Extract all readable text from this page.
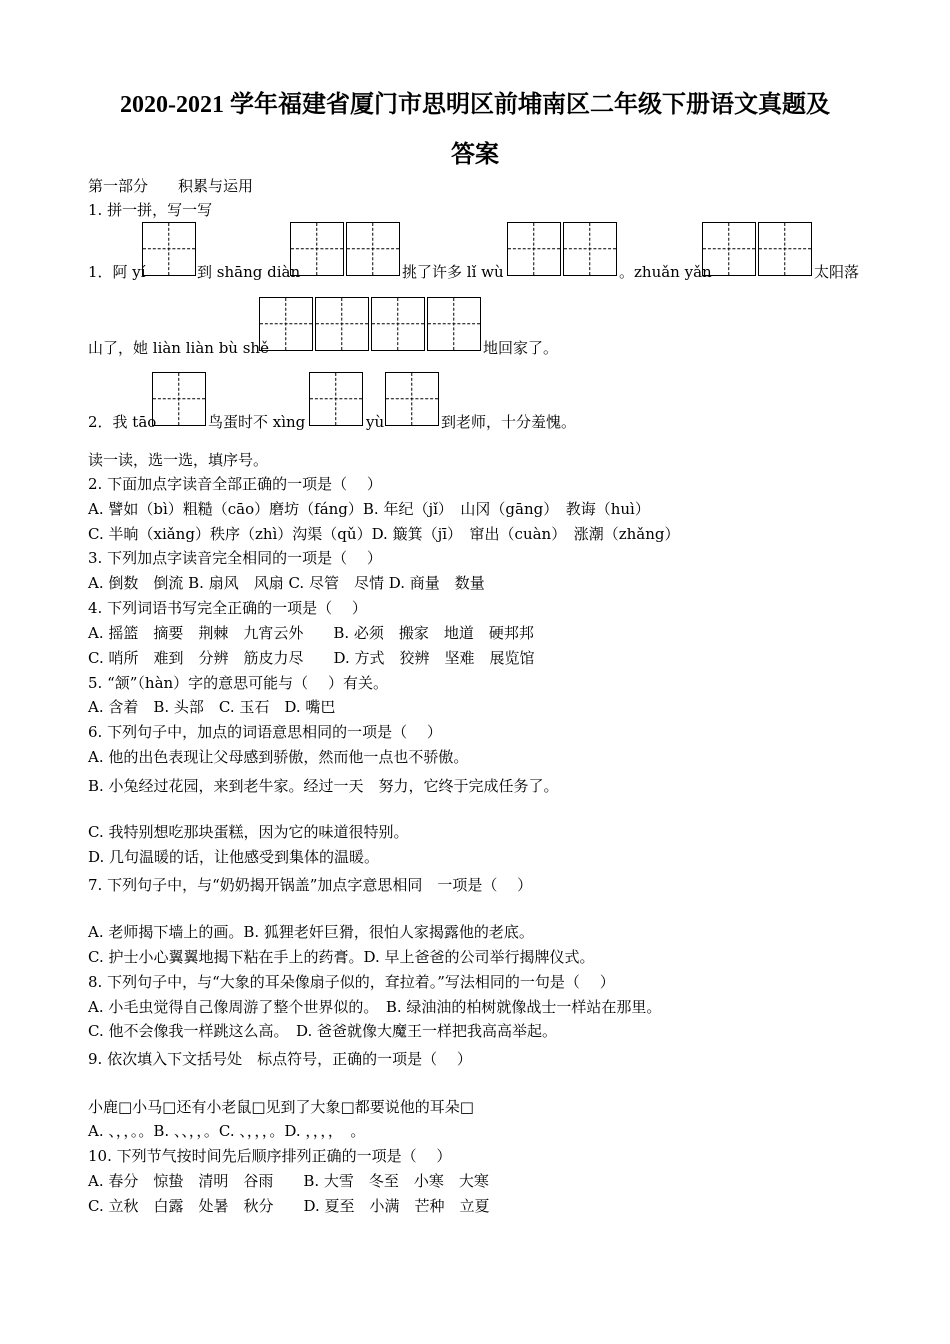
2020-2021 学年福建省厦门市思明区前埔南区二年级下册语文真题及
答案
第一部分　　积累与运用
1. 拼一拼，写一写
1．阿 yí	到 shāng diàn	挑了许多 lǐ wù	。zhuǎn yǎn	太阳落
山了，她 liàn liàn bù shě	地回家了。
2．我 tāo	鸟蛋时不 xìng	yù	到老师，十分羞愧。
读一读，选一选，填序号。
2. 下面加点字读音全部正确的一项是（　 ）
A. 譬如（bì）粗糙（cāo）磨坊（fáng）B. 年纪（jǐ）　山冈（gāng）　教诲（huì）
C. 半晌（xiǎng）秩序（zhì）沟渠（qǔ）D. 簸箕（jī）　窜出（cuàn）　涨潮（zhǎng）
3. 下列加点字读音完全相同的一项是（　 ）
A. 倒数　倒流 B. 扇风　风扇 C. 尽管　尽情 D. 商量　数量
4. 下列词语书写完全正确的一项是（　 ）
A. 摇篮　摘要　荆棘　九宵云外　　B. 必须　搬家　地道　硬邦邦
C. 哨所　难到　分辨　筋皮力尽　　D. 方式　狡辨　坚难　展览馆
5. “颔”（hàn）字的意思可能与（　 ）有关。
A. 含着　B. 头部　C. 玉石　D. 嘴巴
6. 下列句子中，加点的词语意思相同的一项是（　 ）
A. 他的出色表现让父母感到骄傲，然而他一点也不骄傲。
B. 小兔经过花园，来到老牛家。经过一天　努力，它终于完成任务了。
C. 我特别想吃那块蛋糕，因为它的味道很特别。
D. 几句温暖的话，让他感受到集体的温暖。
7. 下列句子中，与“奶奶揭开锅盖”加点字意思相同　一项是（　 ）
A. 老师揭下墙上的画。B. 狐狸老奸巨猾，很怕人家揭露他的老底。
C. 护士小心翼翼地揭下粘在手上的药膏。D. 早上爸爸的公司举行揭牌仪式。
8. 下列句子中，与“大象的耳朵像扇子似的，耷拉着。”写法相同的一句是（　 ）
A. 小毛虫觉得自己像周游了整个世界似的。　B. 绿油油的柏树就像战士一样站在那里。
C. 他不会像我一样跳这么高。　D. 爸爸就像大魔王一样把我高高举起。
9. 依次填入下文括号处　标点符号，正确的一项是（　 ）
小鹿□小马□还有小老鼠□见到了大象□都要说他的耳朵□
A. 、，，。。B. 、、，，。C. 、，，，。D. ，，，，　。
10. 下列节气按时间先后顺序排列正确的一项是（　 ）
A. 春分　惊蛰　清明　谷雨　　B. 大雪　冬至　小寒　大寒
C. 立秋　白露　处暑　秋分　　D. 夏至　小满　芒种　立夏
